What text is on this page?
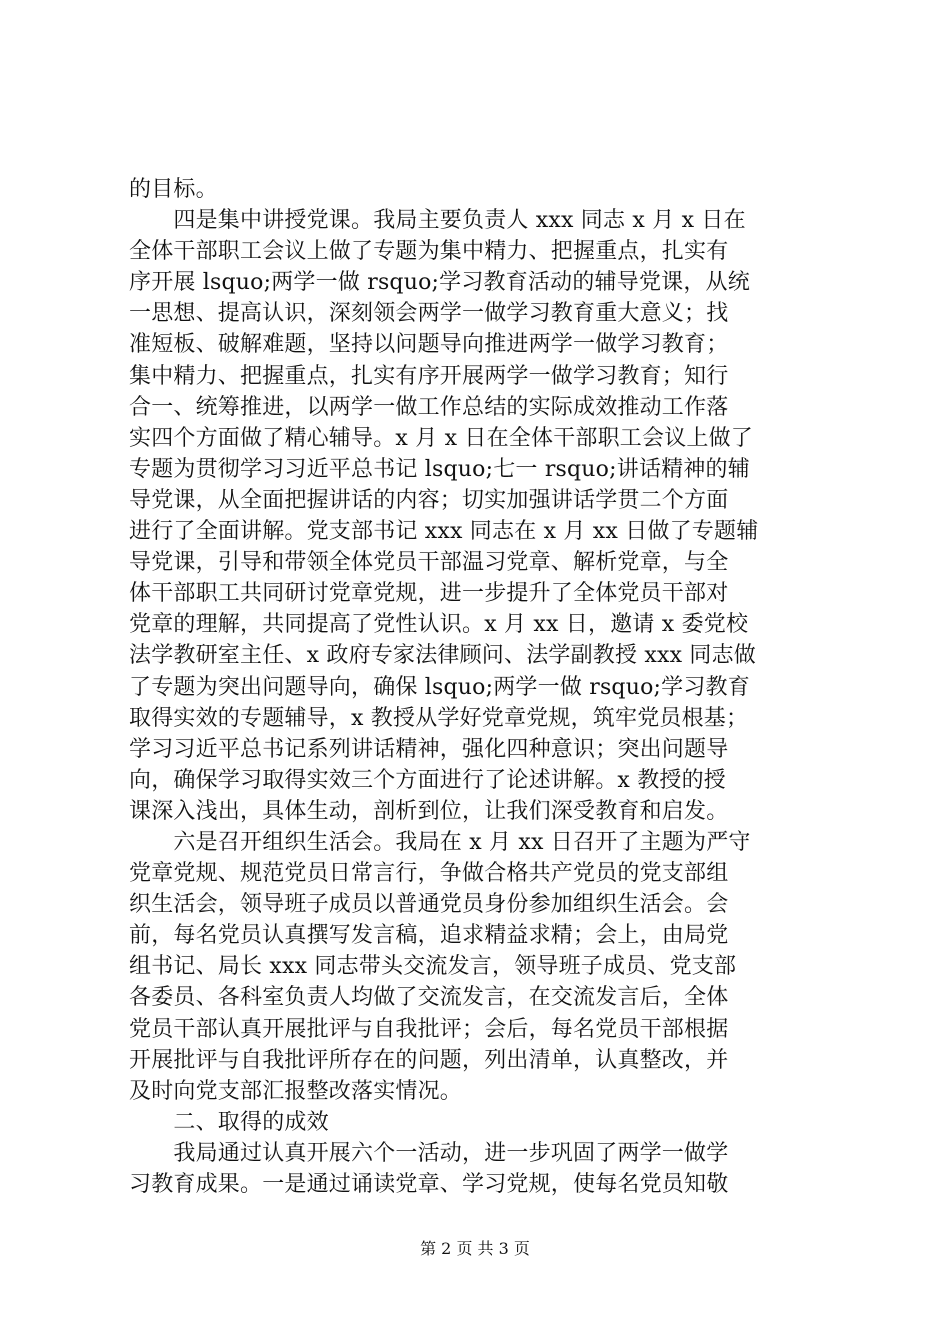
的目标。
　　四是集中讲授党课。我局主要负责人 xxx 同志 x 月 x 日在
全体干部职工会议上做了专题为集中精力、把握重点，扎实有
序开展 lsquo;两学一做 rsquo;学习教育活动的辅导党课，从统
一思想、提高认识，深刻领会两学一做学习教育重大意义；找
准短板、破解难题，坚持以问题导向推进两学一做学习教育；
集中精力、把握重点，扎实有序开展两学一做学习教育；知行
合一、统筹推进，以两学一做工作总结的实际成效推动工作落
实四个方面做了精心辅导。x 月 x 日在全体干部职工会议上做了
专题为贯彻学习习近平总书记 lsquo;七一 rsquo;讲话精神的辅
导党课，从全面把握讲话的内容；切实加强讲话学贯二个方面
进行了全面讲解。党支部书记 xxx 同志在 x 月 xx 日做了专题辅
导党课，引导和带领全体党员干部温习党章、解析党章，与全
体干部职工共同研讨党章党规，进一步提升了全体党员干部对
党章的理解，共同提高了党性认识。x 月 xx 日，邀请 x 委党校
法学教研室主任、x 政府专家法律顾问、法学副教授 xxx 同志做
了专题为突出问题导向，确保 lsquo;两学一做 rsquo;学习教育
取得实效的专题辅导，x 教授从学好党章党规，筑牢党员根基；
学习习近平总书记系列讲话精神，强化四种意识；突出问题导
向，确保学习取得实效三个方面进行了论述讲解。x 教授的授
课深入浅出，具体生动，剖析到位，让我们深受教育和启发。
　　六是召开组织生活会。我局在 x 月 xx 日召开了主题为严守
党章党规、规范党员日常言行，争做合格共产党员的党支部组
织生活会，领导班子成员以普通党员身份参加组织生活会。会
前，每名党员认真撰写发言稿，追求精益求精；会上，由局党
组书记、局长 xxx 同志带头交流发言，领导班子成员、党支部
各委员、各科室负责人均做了交流发言，在交流发言后，全体
党员干部认真开展批评与自我批评；会后，每名党员干部根据
开展批评与自我批评所存在的问题，列出清单，认真整改，并
及时向党支部汇报整改落实情况。
　　二、取得的成效
　　我局通过认真开展六个一活动，进一步巩固了两学一做学
习教育成果。一是通过诵读党章、学习党规，使每名党员知敬
第 2 页 共 3 页
